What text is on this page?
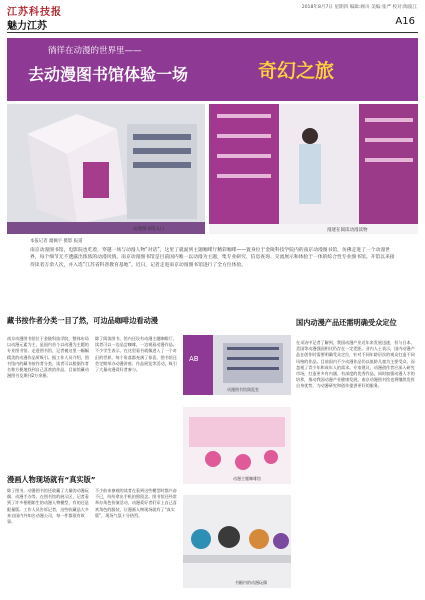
江苏科技报	2018年8月7日 星期四 编辑:顾川 美编:张严 校对:陶波江
魅力江苏	A16
徜徉在动漫的世界里——
去动漫图书馆体验一场	奇幻之旅
动漫图书馆入口	漫迷在阅读动漫读物
本报记者 糜佩宇 摄影 报道
南京动漫图书馆，电影院也吃着，穿越一场与动漫人物“对话”，这里了就面到主题咖啡厅精彩咖啡——置身位于金陵科技学院内的南京动漫图书馆，仿佛走进了一个动漫世界，每个细节无不透露出浓浓的动漫风情。南京动漫图书馆是目前国内唯一以动漫为主题，集专业研究、信息查询、交流展示和体验于一体的综合性专业图书馆。开馆以来接待读者万余人次，并入选“江苏省科普教育基地”。近日，记者走进南京动漫图书馆进行了全方位体验。
藏书按作者分类一目了然，可边品咖啡边看动漫
南京动漫图书馆位于金陵科技学院，整体布局以动漫元素为主，是国内首个以动漫为主题的专业图书馆。走进图书馆，记者被这里一幅幅精美的动漫作品所吸引。据工作人员介绍，图书馆内的藏书按作者分类，读者可以根据作者名称方便地找到自己喜欢的作品，目前馆藏动漫图书及期刊2万余册。
除了阅读图书，馆内还设有动漫主题咖啡厅，读者可以一边品尝咖啡，一边观看动漫作品。不少学生表示，在这里看书就像进入了一个奇幻的世界，每个角落都充满了惊喜。图书馆还会定期举办动漫讲座、作品展览等活动，吸引了大量动漫爱好者参与。
漫画人物现场就有“真实版”
除了图书，动漫图书馆还收藏了大量的动漫玩偶、动漫手办等。在图书馆的展示区，记者看到了许多栩栩如生的动漫人物模型，有的还是限量版。工作人员告诉记者，这些收藏品大多来自国内外知名动漫公司，每一件都很有故事。
不少前来参观的读者在看到这些模型时都兴奋不已，纷纷拿出手机拍照留念。图书馆还经常举办角色扮演活动，动漫爱好者们穿上自己喜欢角色的服装，让漫画人物现场就有了“真实版”，现场气氛十分热烈。
国内动漫产品还需明确受众定位
在采访中记者了解到，我国动漫产业近年来发展迅速，但与日本、美国等动漫强国相比仍存在一定差距。业内人士表示，国内动漫产品在创作时需要明确受众定位，针对不同年龄层次的观众打造不同风格的作品。目前国内不少动漫作品仍以低龄儿童为主要受众，而忽视了青少年和成年人的需求。专家建议，动漫创作者应深入研究市场，打造更多有内涵、有深度的优秀作品，同时加强动漫人才的培养，推动我国动漫产业健康发展。南京动漫图书馆也将继续发挥自身优势，为动漫研究和创作提供更好的服务。
AB
动漫图书馆阅览室
动漫主题咖啡馆
书橱内的动漫玩偶
